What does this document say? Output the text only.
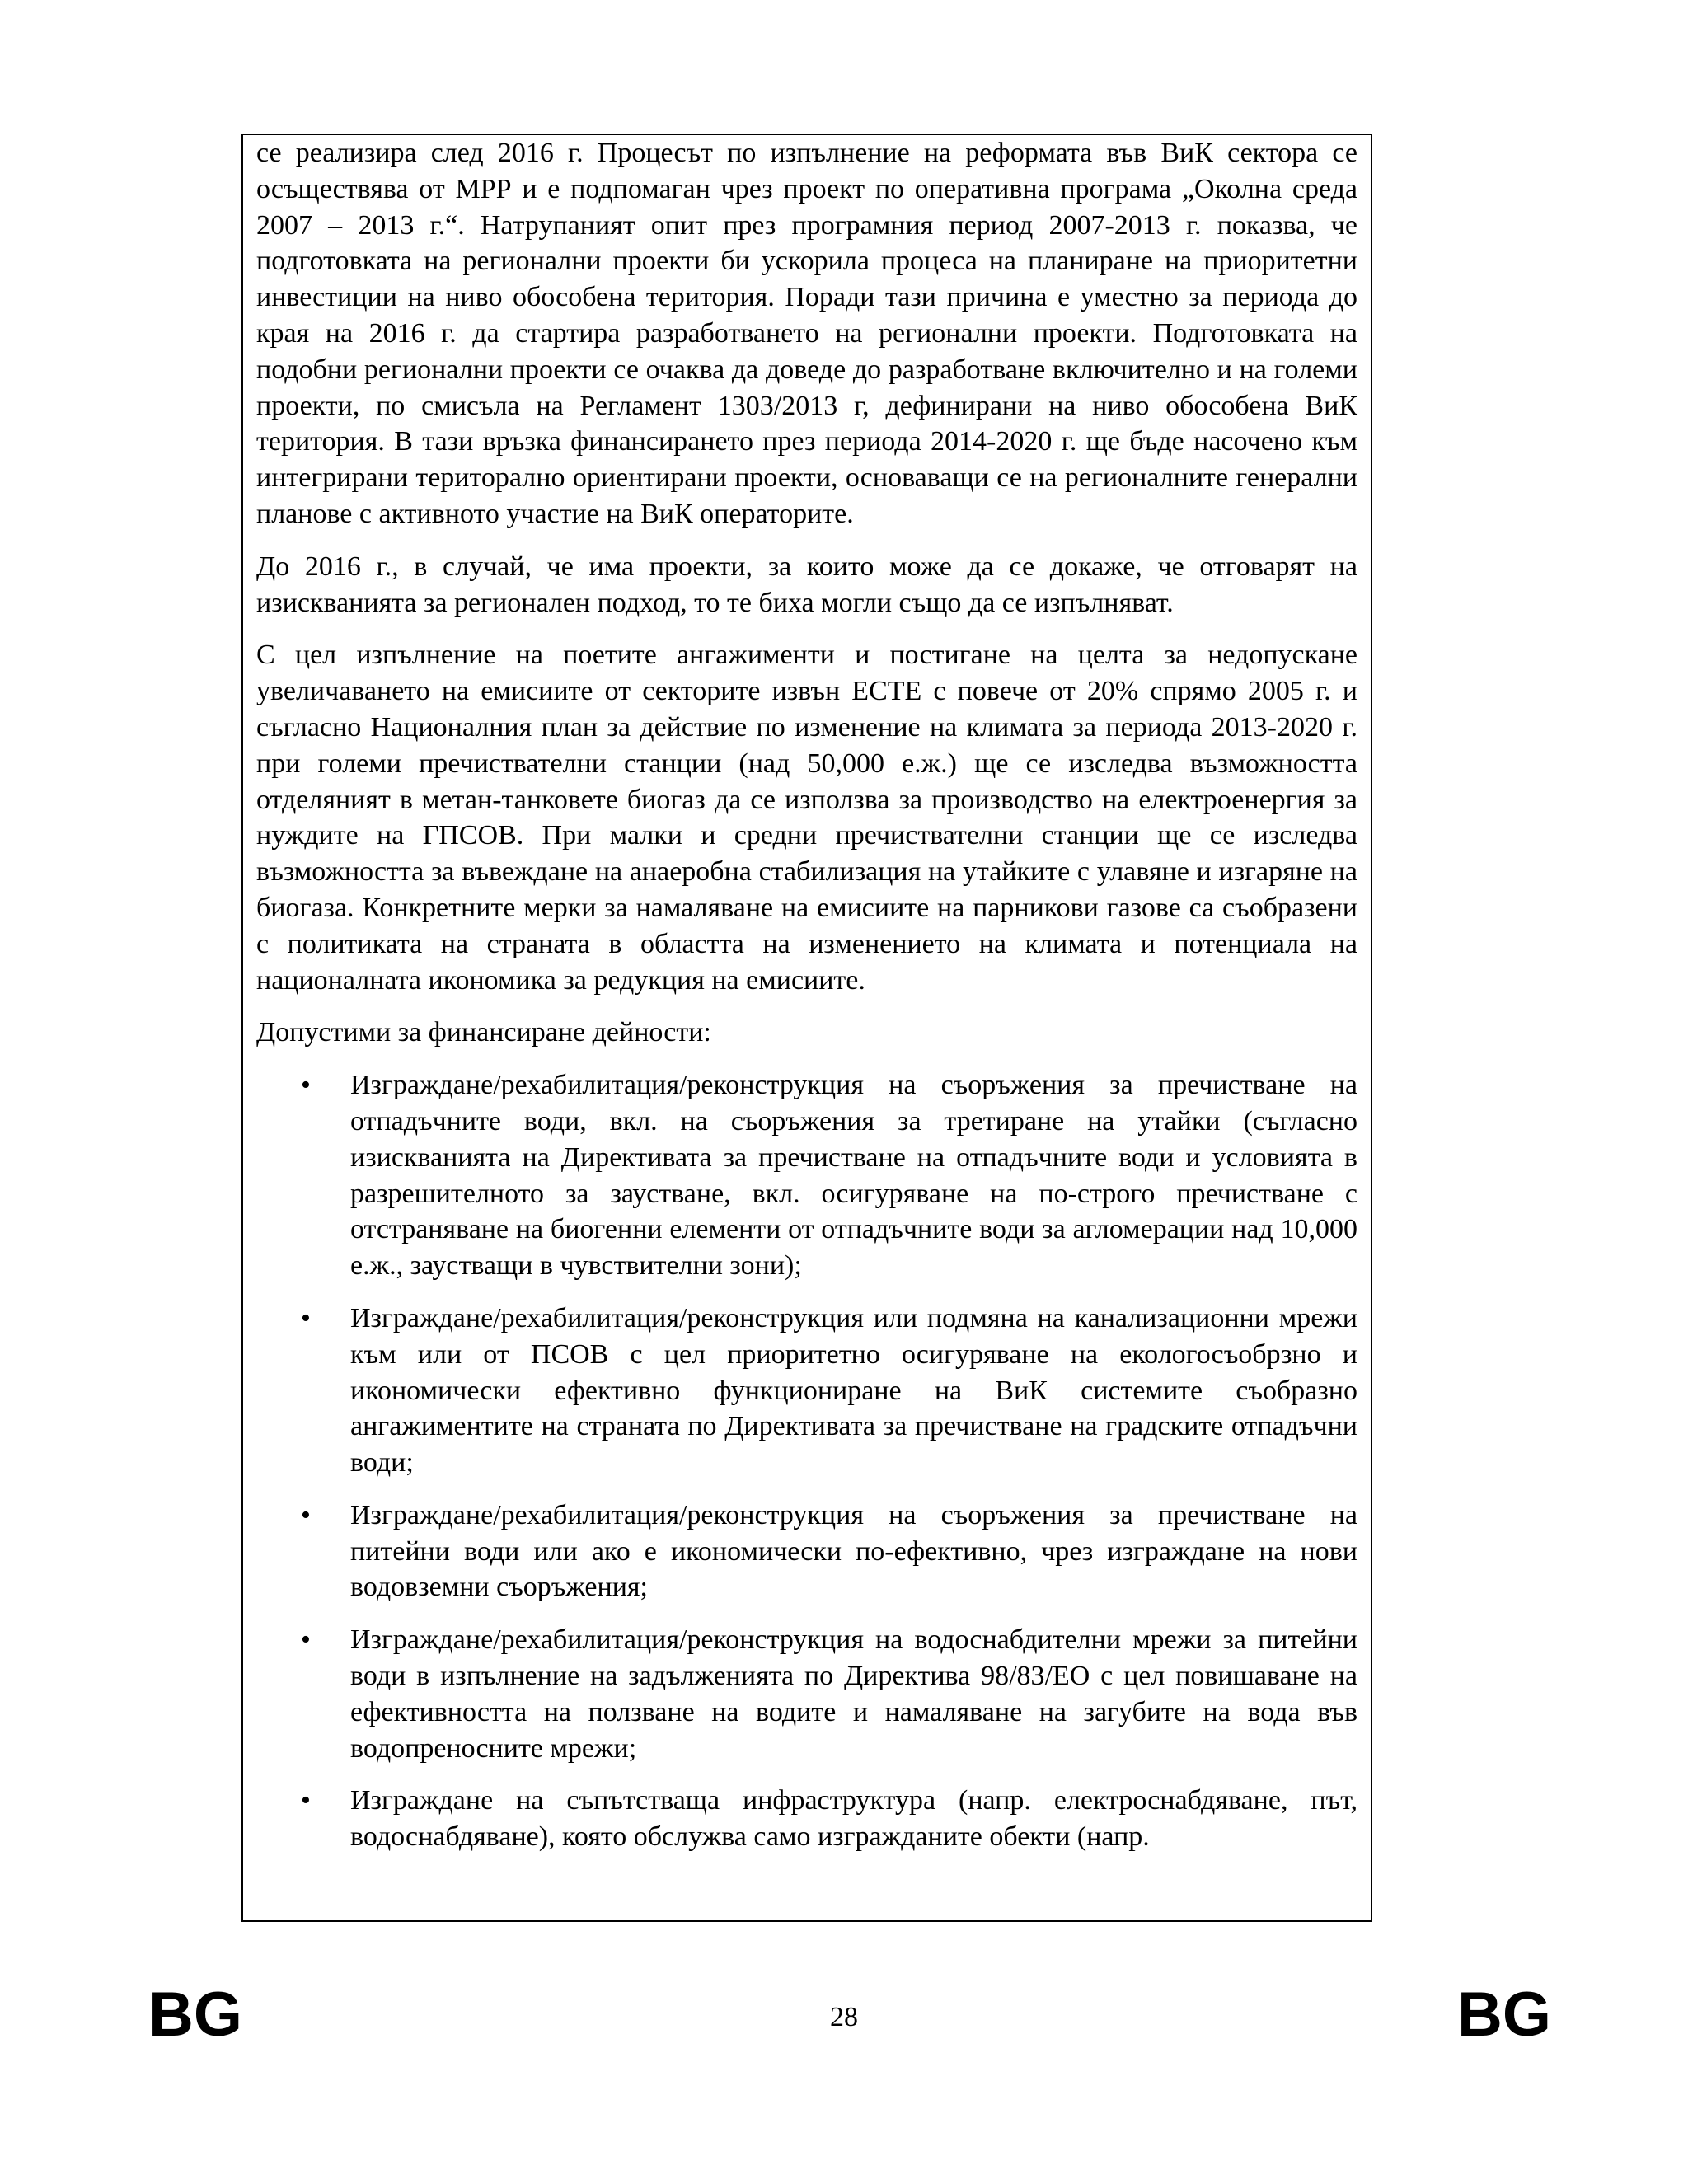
се реализира след 2016 г. Процесът по изпълнение на реформата във ВиК сектора се осъществява от МРР и е подпомаган чрез проект по оперативна програма „Околна среда 2007 – 2013 г.“. Натрупаният опит през програмния период 2007-2013 г. показва, че подготовката на регионални проекти би ускорила процеса на планиране на приоритетни инвестиции на ниво обособена територия. Поради тази причина е уместно за периода до края на 2016 г. да стартира разработването на регионални проекти. Подготовката на подобни регионални проекти се очаква да доведе до разработване включително и на големи проекти, по смисъла на Регламент 1303/2013 г, дефинирани на ниво обособена ВиК територия. В тази връзка финансирането през периода 2014-2020 г. ще бъде насочено към интегрирани територално ориентирани проекти, основаващи се на регионалните генерални планове с активното участие на ВиК операторите.

До 2016 г., в случай, че има проекти, за които може да се докаже, че отговарят на изискванията за регионален подход, то те биха могли също да се изпълняват.

С цел изпълнение на поетите ангажименти и постигане на целта за недопускане увеличаването на емисиите от секторите извън ЕСТЕ с повече от 20% спрямо 2005 г. и съгласно Националния план за действие по изменение на климата за периода 2013-2020 г. при големи пречиствателни станции (над 50,000 е.ж.) ще се изследва възможността отделяният в метан-танковете биогаз да се използва за производство на електроенергия за нуждите на ГПСОВ. При малки и средни пречиствателни станции ще се изследва възможността за въвеждане на анаеробна стабилизация на утайките с улавяне и изгаряне на биогаза. Конкретните мерки за намаляване на емисиите на парникови газове са съобразени с политиката на страната в областта на изменението на климата и потенциала на националната икономика за редукция на емисиите.

Допустими за финансиране дейности:

• Изграждане/рехабилитация/реконструкция на съоръжения за пречистване на отпадъчните води, вкл. на съоръжения за третиране на утайки (съгласно изискванията на Директивата за пречистване на отпадъчните води и условията в разрешителното за заустване, вкл. осигуряване на по-строго пречистване с отстраняване на биогенни елементи от отпадъчните води за агломерации над 10,000 е.ж., заустващи в чувствителни зони);
• Изграждане/рехабилитация/реконструкция или подмяна на канализационни мрежи към или от ПСОВ с цел приоритетно осигуряване на екологосъобрзно и икономически ефективно функциониране на ВиК системите съобразно ангажиментите на страната по Директивата за пречистване на градските отпадъчни води;
• Изграждане/рехабилитация/реконструкция на съоръжения за пречистване на питейни води или ако е икономически по-ефективно, чрез изграждане на нови водовземни съоръжения;
• Изграждане/рехабилитация/реконструкция на водоснабдителни мрежи за питейни води в изпълнение на задълженията по Директива 98/83/ЕО с цел повишаване на ефективността на ползване на водите и намаляване на загубите на вода във водопреносните мрежи;
• Изграждане на съпътстваща инфраструктура (напр. електроснабдяване, път, водоснабдяване), която обслужва само изгражданите обекти (напр.
BG	28	BG
